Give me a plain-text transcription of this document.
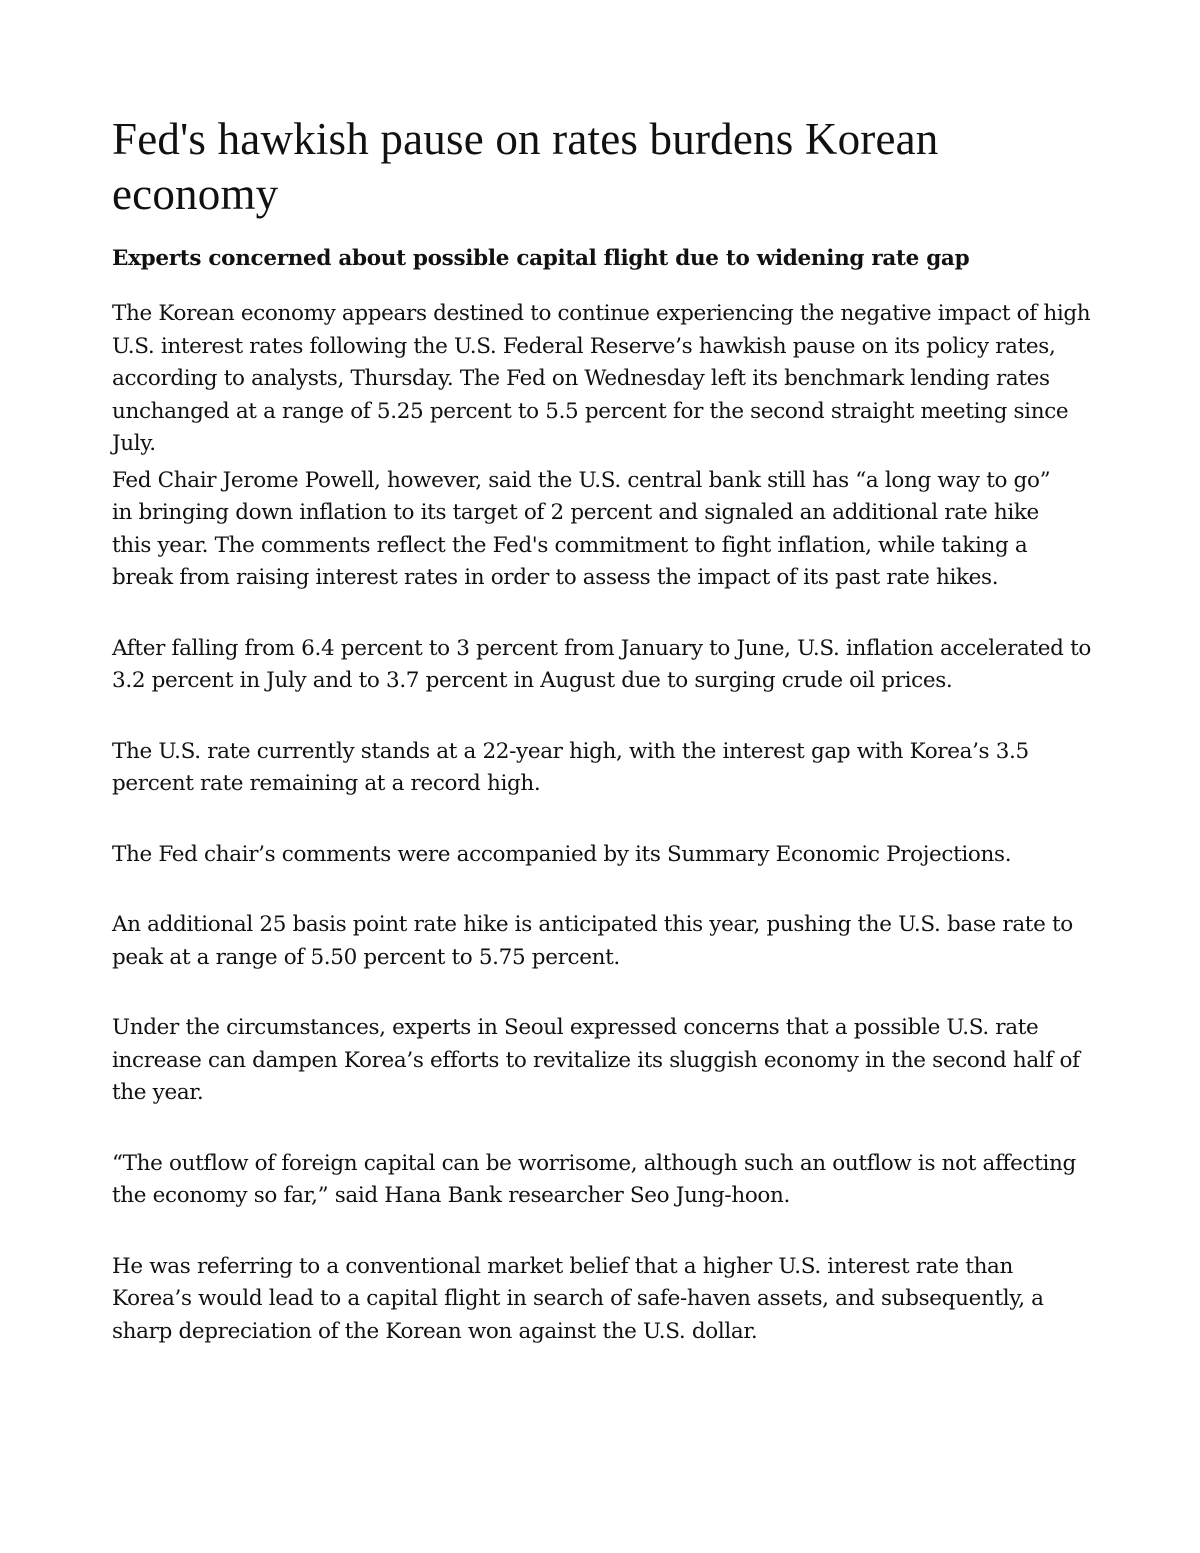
Fed's hawkish pause on rates burdens Korean economy
Experts concerned about possible capital flight due to widening rate gap

The Korean economy appears destined to continue experiencing the negative impact of high U.S. interest rates following the U.S. Federal Reserve’s hawkish pause on its policy rates, according to analysts, Thursday. The Fed on Wednesday left its benchmark lending rates unchanged at a range of 5.25 percent to 5.5 percent for the second straight meeting since July.

Fed Chair Jerome Powell, however, said the U.S. central bank still has “a long way to go” in bringing down inflation to its target of 2 percent and signaled an additional rate hike this year. The comments reflect the Fed's commitment to fight inflation, while taking a break from raising interest rates in order to assess the impact of its past rate hikes.

After falling from 6.4 percent to 3 percent from January to June, U.S. inflation accelerated to 3.2 percent in July and to 3.7 percent in August due to surging crude oil prices.

The U.S. rate currently stands at a 22-year high, with the interest gap with Korea’s 3.5 percent rate remaining at a record high.

The Fed chair’s comments were accompanied by its Summary Economic Projections.

An additional 25 basis point rate hike is anticipated this year, pushing the U.S. base rate to peak at a range of 5.50 percent to 5.75 percent.

Under the circumstances, experts in Seoul expressed concerns that a possible U.S. rate increase can dampen Korea’s efforts to revitalize its sluggish economy in the second half of the year.

“The outflow of foreign capital can be worrisome, although such an outflow is not affecting the economy so far,” said Hana Bank researcher Seo Jung-hoon.

He was referring to a conventional market belief that a higher U.S. interest rate than Korea’s would lead to a capital flight in search of safe-haven assets, and subsequently, a sharp depreciation of the Korean won against the U.S. dollar.
